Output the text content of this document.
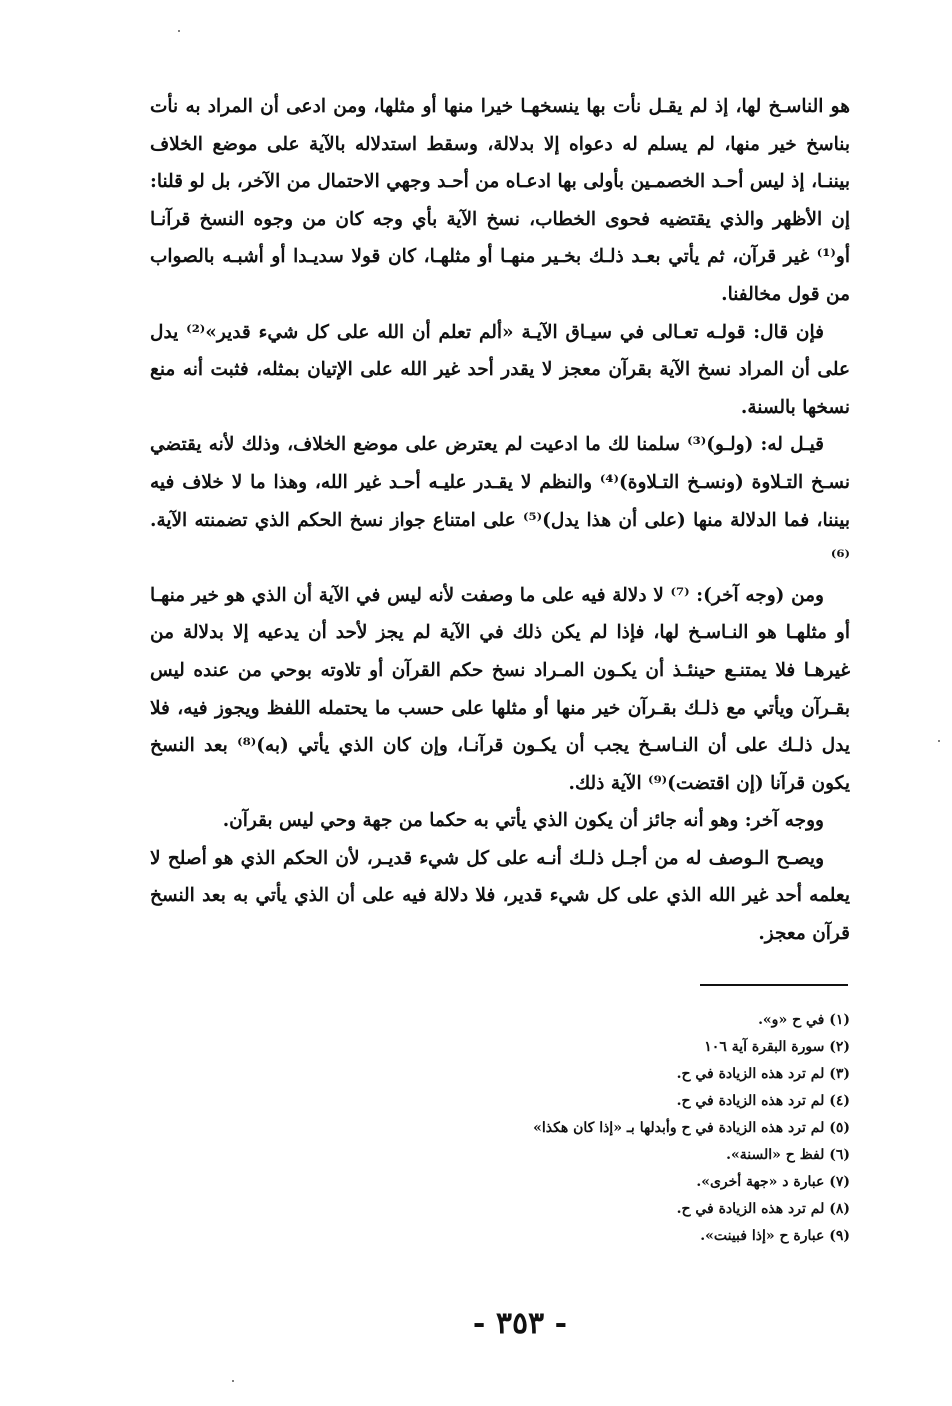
هو الناسـخ لها، إذ لم يقـل نأت بها ينسخهـا خيرا منها أو مثلها، ومن ادعى أن المراد به نأت بناسخ خير منها، لم يسلم له دعواه إلا بدلالة، وسقط استدلاله بالآية على موضع الخلاف بيننـا، إذ ليس أحـد الخصمـين بأولى بها ادعـاه من أحـد وجهي الاحتمال من الآخر، بل لو قلنا: إن الأظهر والذي يقتضيه فحوى الخطاب، نسخ الآية بأي وجه كان من وجوه النسخ قرآنـا أو⁽¹⁾ غير قرآن، ثم يأتي بعـد ذلـك بخـير منهـا أو مثلهـا، كان قولا سديـدا أو أشبـه بالصواب من قول مخالفنا.

فإن قال: قولـه تعـالى في سيـاق الآيـة «ألم تعلم أن الله على كل شيء قدير»⁽²⁾ يدل على أن المراد نسخ الآية بقرآن معجز لا يقدر أحد غير الله على الإتيان بمثله، فثبت أنه منع نسخها بالسنة.

قيـل له: (ولـو)⁽³⁾ سلمنا لك ما ادعيت لم يعترض على موضع الخلاف، وذلك لأنه يقتضي نسـخ التـلاوة (ونسـخ التـلاوة)⁽⁴⁾ والنظم لا يقـدر عليـه أحـد غير الله، وهذا ما لا خلاف فيه بيننا، فما الدلالة منها (على أن هذا يدل)⁽⁵⁾ على امتناع جواز نسخ الحكم الذي تضمنته الآية.⁽⁶⁾

ومن (وجه آخر): ⁽⁷⁾ لا دلالة فيه على ما وصفت لأنه ليس في الآية أن الذي هو خير منهـا أو مثلهـا هو النـاسـخ لها، فإذا لم يكن ذلك في الآية لم يجز لأحد أن يدعيه إلا بدلالة من غيرهـا فلا يمتنـع حينئـذ أن يكـون المـراد نسخ حكم القرآن أو تلاوته بوحي من عنده ليس بقـرآن ويأتي مع ذلـك بقـرآن خير منها أو مثلها على حسب ما يحتمله اللفظ ويجوز فيه، فلا يدل ذلـك على أن النـاسـخ يجب أن يكـون قرآنـا، وإن كان الذي يأتي (به)⁽⁸⁾ بعد النسخ يكون قرآنا (إن اقتضت)⁽⁹⁾ الآية ذلك.

ووجه آخر: وهو أنه جائز أن يكون الذي يأتي به حكما من جهة وحي ليس بقرآن.

ويصـح الـوصف له من أجـل ذلـك أنـه على كل شيء قديـر، لأن الحكم الذي هو أصلح لا يعلمه أحد غير الله الذي على كل شيء قدير، فلا دلالة فيه على أن الذي يأتي به بعد النسخ قرآن معجز.

(١) في ح «و».
(٢) سورة البقرة آية ١٠٦
(٣) لم ترد هذه الزيادة في ح.
(٤) لم ترد هذه الزيادة في ح.
(٥) لم ترد هذه الزيادة في ح وأبدلها بـ «إذا كان هكذا»
(٦) لفظ ح «السنة».
(٧) عبارة د «جهة أخرى».
(٨) لم ترد هذه الزيادة في ح.
(٩) عبارة ح «إذا فبينت».
- ٣٥٣ -
